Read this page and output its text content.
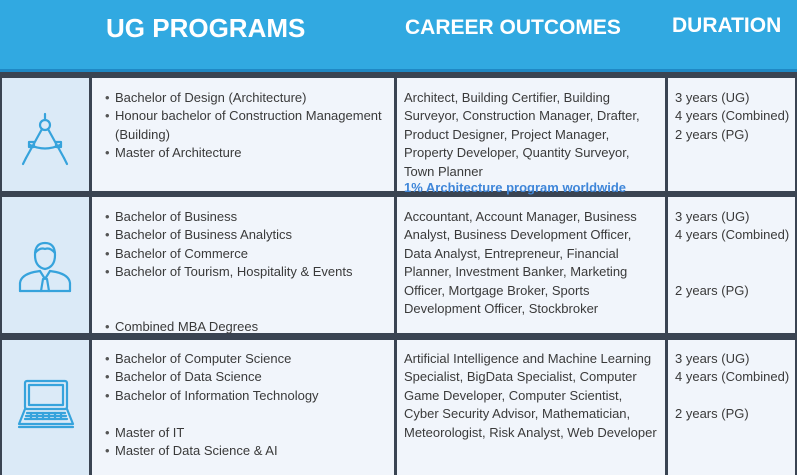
UG PROGRAMS	CAREER OUTCOMES DURATION
• Bachelor of Design (Architecture)
• Honour bachelor of Construction Management (Building)
• Master of Architecture

Architect, Building Certifier, Building Surveyor, Construction Manager, Drafter, Product Designer, Project Manager, Property Developer, Quantity Surveyor, Town Planner

3 years (UG)

4 years (Combined)

2 years (PG)

• Bachelor of Business
• Bachelor of Business Analytics
• Bachelor of Commerce
• Bachelor of Tourism, Hospitality & Events
• Combined MBA Degrees

Accountant, Account Manager, Business Analyst, Business Development Officer, Data Analyst, Entrepreneur, Financial Planner, Investment Banker, Marketing Officer, Mortgage Broker, Sports Development Officer, Stockbroker

3 years (UG)

4 years (Combined)

2 years (PG)

• Bachelor of Computer Science
• Bachelor of Data Science
• Bachelor of Information Technology
• Master of IT
• Master of Data Science & AI

Artificial Intelligence and Machine Learning Specialist, BigData Specialist, Computer Game Developer, Computer Scientist, Cyber Security Advisor, Mathematician, Meteorologist, Risk Analyst, Web Developer

3 years (UG)

4 years (Combined)

2 years (PG)

1% Architecture program worldwide
